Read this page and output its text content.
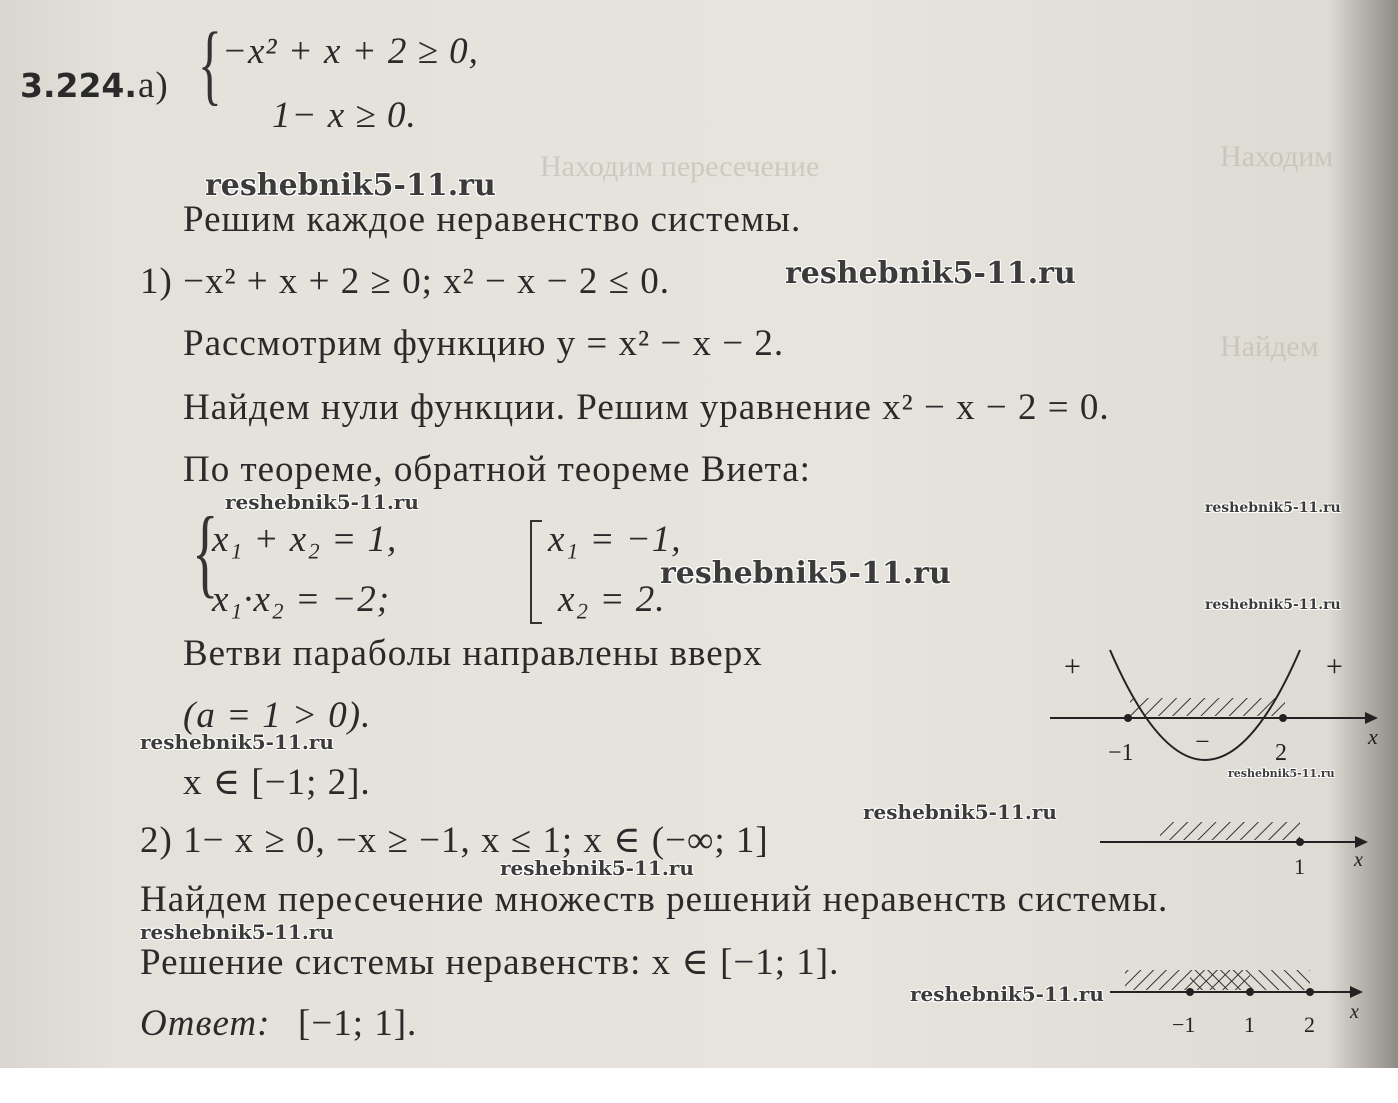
Находим
Найдем
Находим пересечение
3.224. а) { −x² + x + 2 ≥ 0,
1− x ≥ 0.
reshebnik5-11.ru
Решим каждое неравенство системы.
1) −x² + x + 2 ≥ 0; x² − x − 2 ≤ 0.	reshebnik5-11.ru
Рассмотрим функцию y = x² − x − 2.
Найдем нули функции. Решим уравнение x² − x − 2 = 0.
По теореме, обратной теореме Виета:
reshebnik5-11.ru	reshebnik5-11.ru
{
x₁ + x₂ = 1,
x₁·x₂ = −2;
x₁ = −1,
x₂ = 2.
reshebnik5-11.ru
reshebnik5-11.ru
Ветви параболы направлены вверх
(a = 1 > 0).
reshebnik5-11.ru
x ∈ [−1; 2].
+	+
−
−1	2
x
reshebnik5-11.ru
reshebnik5-11.ru
2) 1− x ≥ 0, −x ≥ −1, x ≤ 1; x ∈ (−∞; 1]
reshebnik5-11.ru	1 x
Найдем пересечение множеств решений неравенств системы.
reshebnik5-11.ru
Решение системы неравенств: x ∈ [−1; 1].
−1 1 2 x
reshebnik5-11.ru
Ответ: [−1; 1].
